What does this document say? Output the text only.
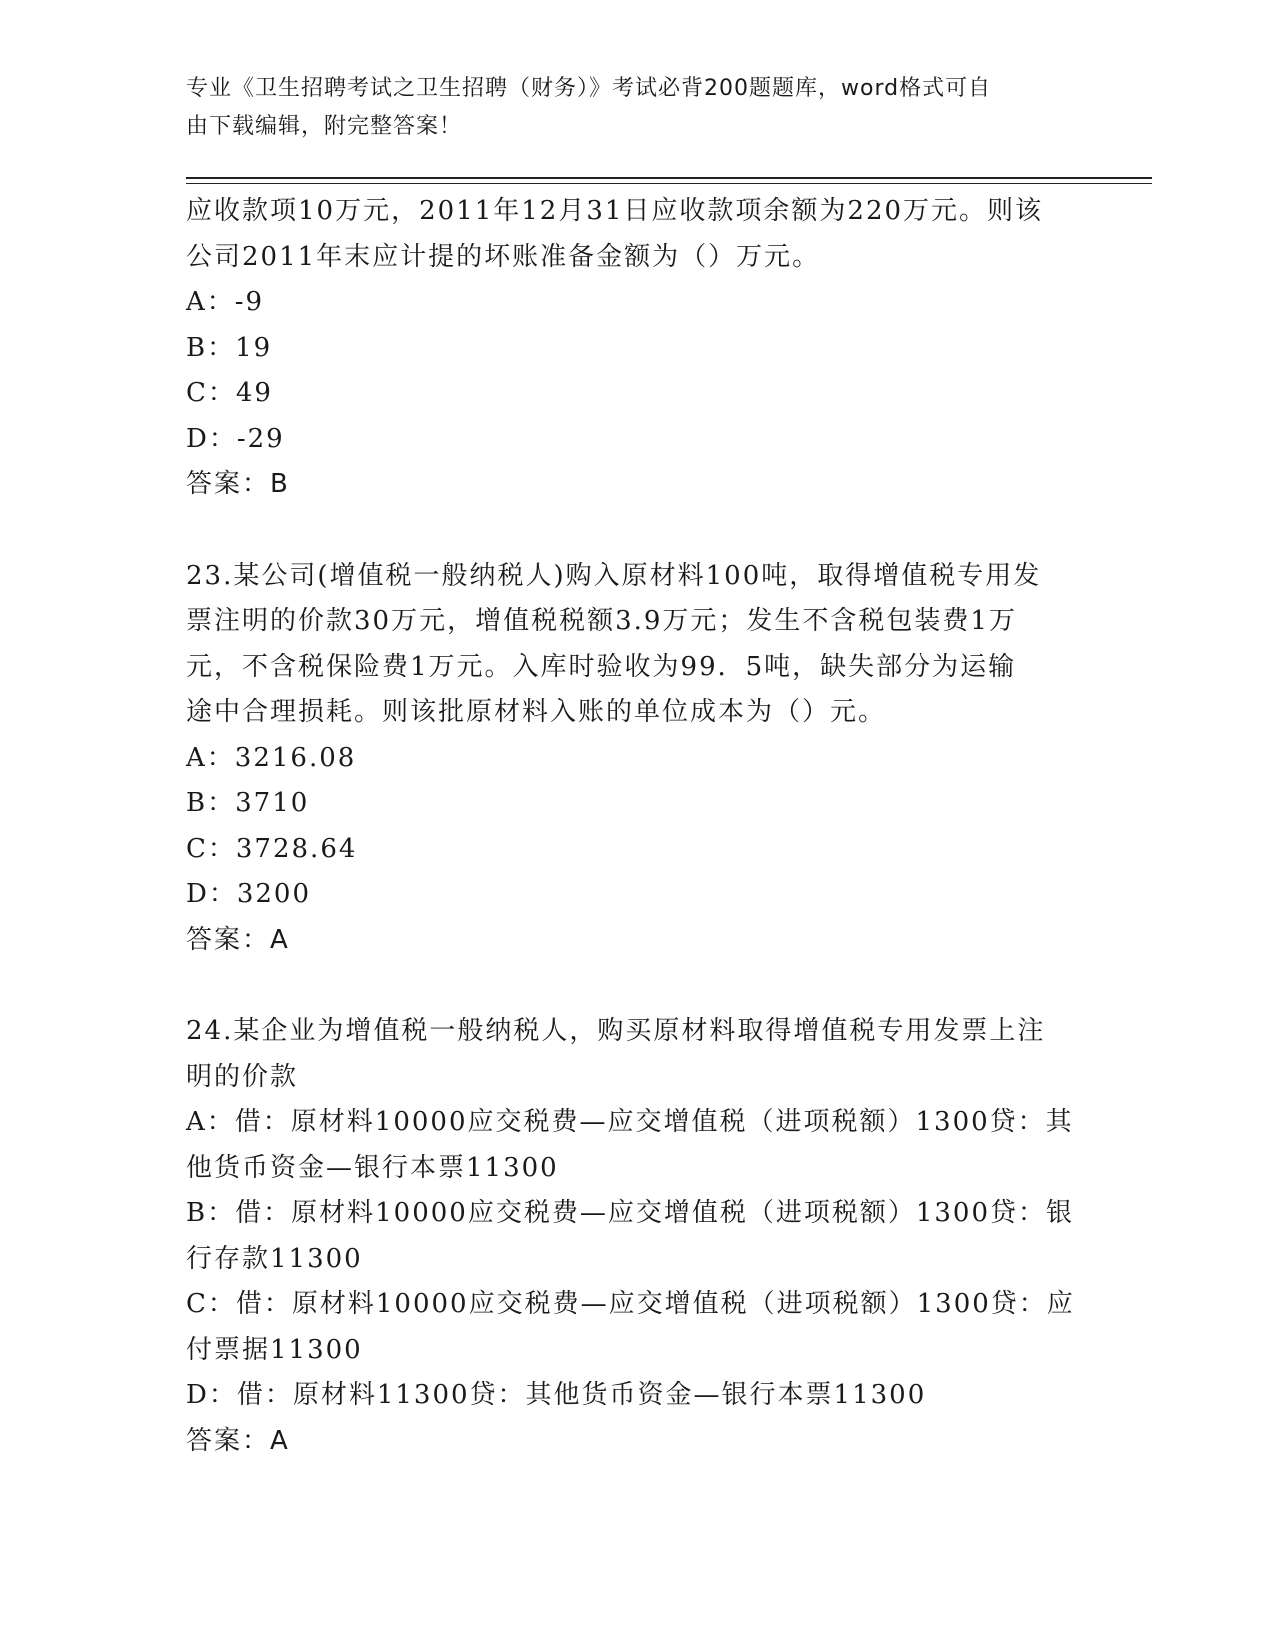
专业《卫生招聘考试之卫生招聘（财务）》考试必背200题题库，word格式可自
由下载编辑，附完整答案！

应收款项10万元，2011年12月31日应收款项余额为220万元。则该

公司2011年末应计提的坏账准备金额为（）万元。

A：-9

B：19

C：49

D：-29

答案：B

23.某公司(增值税一般纳税人)购入原材料100吨，取得增值税专用发

票注明的价款30万元，增值税税额3.9万元；发生不含税包装费1万

元，不含税保险费1万元。入库时验收为99．5吨，缺失部分为运输

途中合理损耗。则该批原材料入账的单位成本为（）元。

A：3216.08

B：3710

C：3728.64

D：3200

答案：A

24.某企业为增值税一般纳税人，购买原材料取得增值税专用发票上注

明的价款

A：借：原材料10000应交税费—应交增值税（进项税额）1300贷：其

他货币资金—银行本票11300

B：借：原材料10000应交税费—应交增值税（进项税额）1300贷：银

行存款11300

C：借：原材料10000应交税费—应交增值税（进项税额）1300贷：应

付票据11300

D：借：原材料11300贷：其他货币资金—银行本票11300

答案：A
